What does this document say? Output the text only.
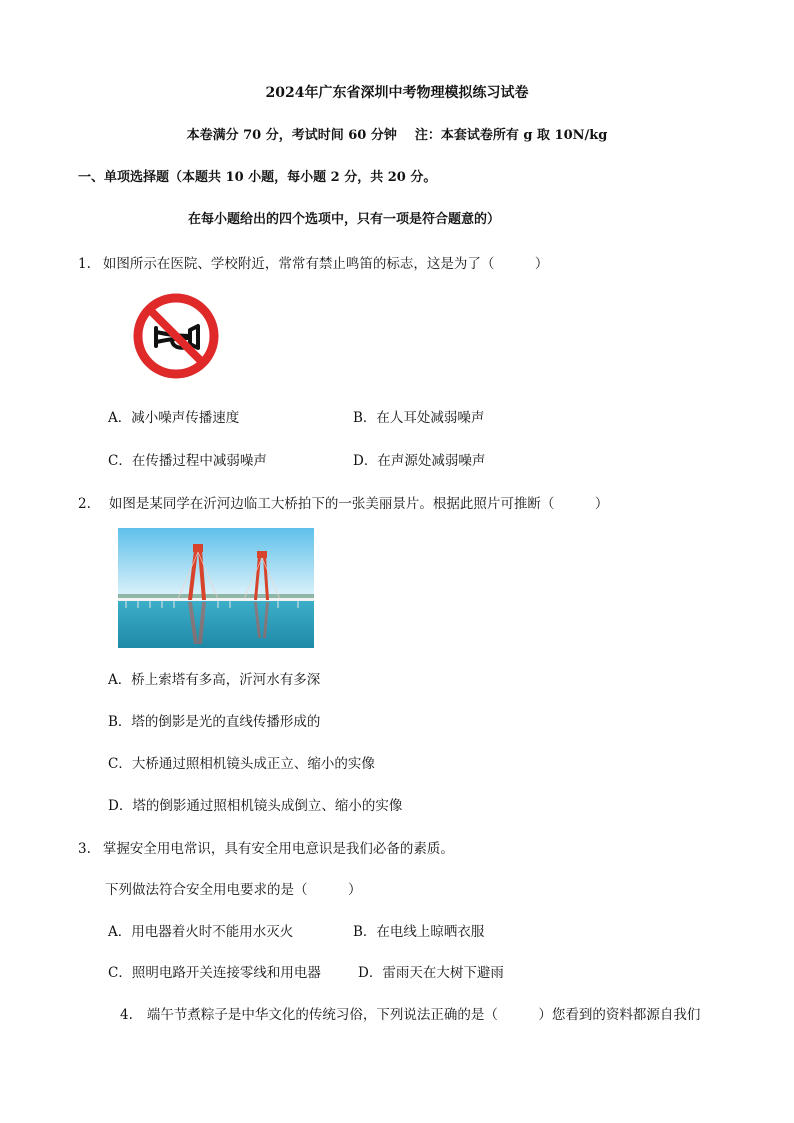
2024年广东省深圳中考物理模拟练习试卷
本卷满分 70 分，考试时间 60 分钟 注：本套试卷所有 g 取 10N/kg
一、单项选择题（本题共 10 小题，每小题 2 分，共 20 分。
在每小题给出的四个选项中，只有一项是符合题意的）
1. 如图所示在医院、学校附近，常常有禁止鸣笛的标志，这是为了（　　　）
A．减小噪声传播速度	B．在人耳处减弱噪声
C．在传播过程中减弱噪声	D．在声源处减弱噪声
2. 如图是某同学在沂河边临工大桥拍下的一张美丽景片。根据此照片可推断（　　　）
A．桥上索塔有多高，沂河水有多深
B．塔的倒影是光的直线传播形成的
C．大桥通过照相机镜头成正立、缩小的实像
D．塔的倒影通过照相机镜头成倒立、缩小的实像
3. 掌握安全用电常识，具有安全用电意识是我们必备的素质。
下列做法符合安全用电要求的是（　　　）
A．用电器着火时不能用水灭火	B．在电线上晾晒衣服
C．照明电路开关连接零线和用电器	D．雷雨天在大树下避雨
4. 端午节煮粽子是中华文化的传统习俗，下列说法正确的是（　　　）您看到的资料都源自我们
